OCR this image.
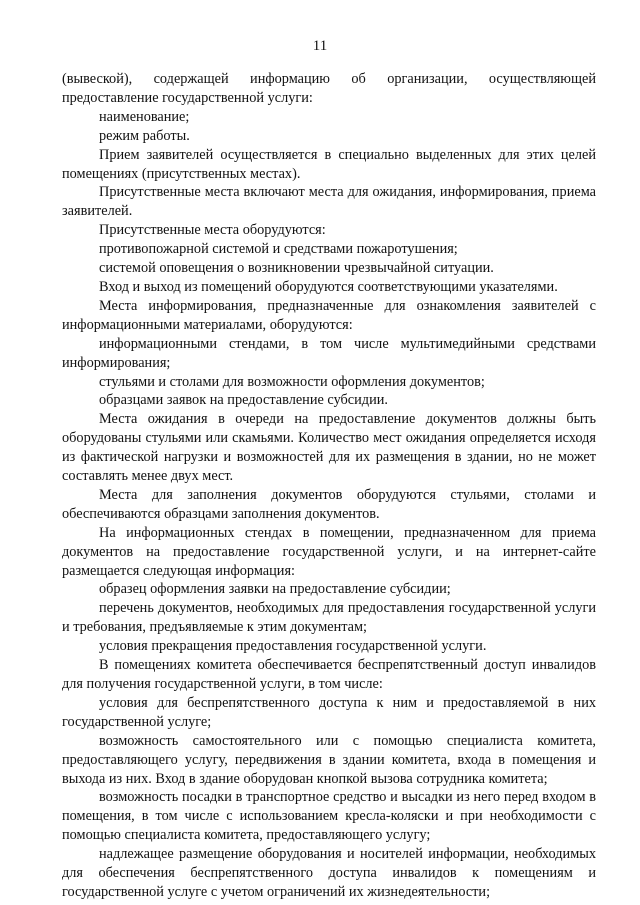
11

(вывеской), содержащей информацию об организации, осуществляющей предоставление государственной услуги:

наименование;

режим работы.

Прием заявителей осуществляется в специально выделенных для этих целей помещениях (присутственных местах).

Присутственные места включают места для ожидания, информирования, приема заявителей.

Присутственные места оборудуются:

противопожарной системой и средствами пожаротушения;

системой оповещения о возникновении чрезвычайной ситуации.

Вход и выход из помещений оборудуются соответствующими указателями.

Места информирования, предназначенные для ознакомления заявителей с информационными материалами, оборудуются:

информационными стендами, в том числе мультимедийными средствами информирования;

стульями и столами для возможности оформления документов;

образцами заявок на предоставление субсидии.

Места ожидания в очереди на предоставление документов должны быть оборудованы стульями или скамьями. Количество мест ожидания определяется исходя из фактической нагрузки и возможностей для их размещения в здании, но не может составлять менее двух мест.

Места для заполнения документов оборудуются стульями, столами и обеспечиваются образцами заполнения документов.

На информационных стендах в помещении, предназначенном для приема документов на предоставление государственной услуги, и на интернет-сайте размещается следующая информация:

образец оформления заявки на предоставление субсидии;

перечень документов, необходимых для предоставления государственной услуги и требования, предъявляемые к этим документам;

условия прекращения предоставления государственной услуги.

В помещениях комитета обеспечивается беспрепятственный доступ инвалидов для получения государственной услуги, в том числе:

условия для беспрепятственного доступа к ним и предоставляемой в них государственной услуге;

возможность самостоятельного или с помощью специалиста комитета, предоставляющего услугу, передвижения в здании комитета, входа в помещения и выхода из них. Вход в здание оборудован кнопкой вызова сотрудника комитета;

возможность посадки в транспортное средство и высадки из него перед входом в помещения, в том числе с использованием кресла-коляски и при необходимости с помощью специалиста комитета, предоставляющего услугу;

надлежащее размещение оборудования и носителей информации, необходимых для обеспечения беспрепятственного доступа инвалидов к помещениям и государственной услуге с учетом ограничений их жизнедеятельности;
